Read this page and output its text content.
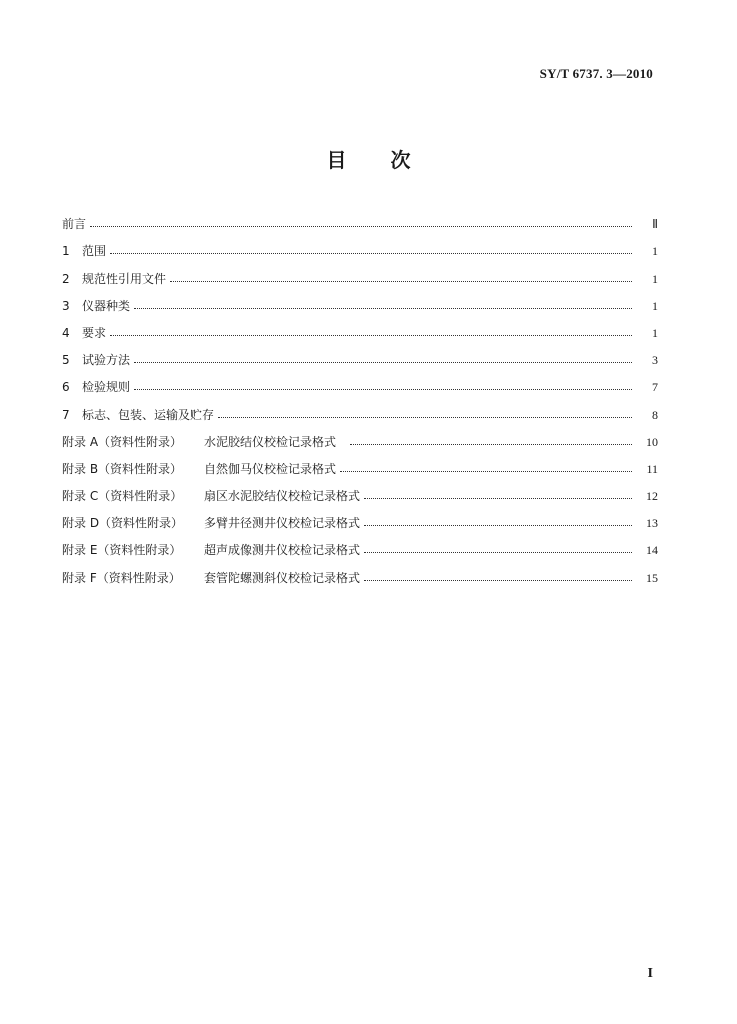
SY/T 6737. 3—2010
目次
前言	Ⅱ
1 范围	1
2 规范性引用文件	1
3 仪器种类	1
4 要求	1
5 试验方法	3
6 检验规则	7
7 标志、包装、运输及贮存	8
附录 A（资料性附录） 水泥胶结仪校检记录格式	10
附录 B（资料性附录） 自然伽马仪校检记录格式	11
附录 C（资料性附录） 扇区水泥胶结仪校检记录格式	12
附录 D（资料性附录） 多臂井径测井仪校检记录格式	13
附录 E（资料性附录） 超声成像测井仪校检记录格式	14
附录 F（资料性附录） 套管陀螺测斜仪校检记录格式	15
I
